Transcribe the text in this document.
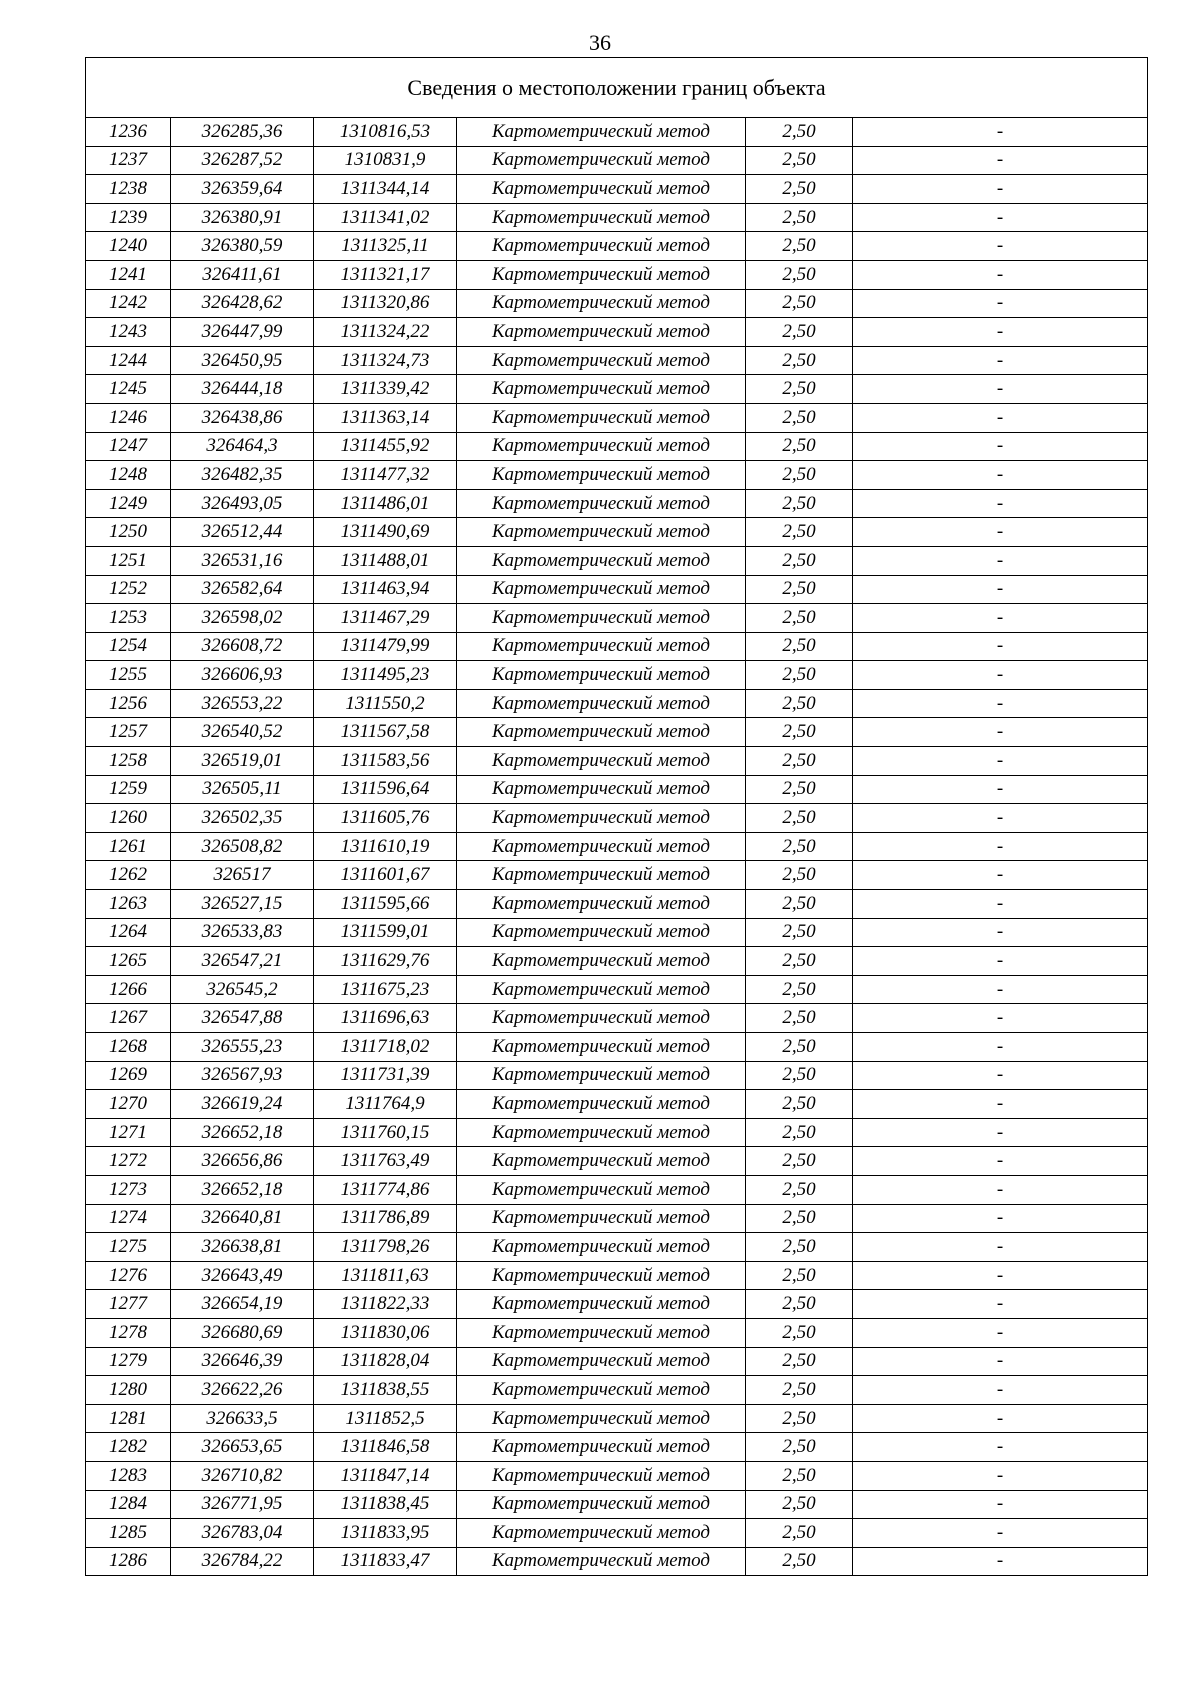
36
Сведения о местоположении границ объекта					
1236	326285,36	1310816,53	Картометрический метод	2,50	-
1237	326287,52	1310831,9	Картометрический метод	2,50	-
1238	326359,64	1311344,14	Картометрический метод	2,50	-
1239	326380,91	1311341,02	Картометрический метод	2,50	-
1240	326380,59	1311325,11	Картометрический метод	2,50	-
1241	326411,61	1311321,17	Картометрический метод	2,50	-
1242	326428,62	1311320,86	Картометрический метод	2,50	-
1243	326447,99	1311324,22	Картометрический метод	2,50	-
1244	326450,95	1311324,73	Картометрический метод	2,50	-
1245	326444,18	1311339,42	Картометрический метод	2,50	-
1246	326438,86	1311363,14	Картометрический метод	2,50	-
1247	326464,3	1311455,92	Картометрический метод	2,50	-
1248	326482,35	1311477,32	Картометрический метод	2,50	-
1249	326493,05	1311486,01	Картометрический метод	2,50	-
1250	326512,44	1311490,69	Картометрический метод	2,50	-
1251	326531,16	1311488,01	Картометрический метод	2,50	-
1252	326582,64	1311463,94	Картометрический метод	2,50	-
1253	326598,02	1311467,29	Картометрический метод	2,50	-
1254	326608,72	1311479,99	Картометрический метод	2,50	-
1255	326606,93	1311495,23	Картометрический метод	2,50	-
1256	326553,22	1311550,2	Картометрический метод	2,50	-
1257	326540,52	1311567,58	Картометрический метод	2,50	-
1258	326519,01	1311583,56	Картометрический метод	2,50	-
1259	326505,11	1311596,64	Картометрический метод	2,50	-
1260	326502,35	1311605,76	Картометрический метод	2,50	-
1261	326508,82	1311610,19	Картометрический метод	2,50	-
1262	326517	1311601,67	Картометрический метод	2,50	-
1263	326527,15	1311595,66	Картометрический метод	2,50	-
1264	326533,83	1311599,01	Картометрический метод	2,50	-
1265	326547,21	1311629,76	Картометрический метод	2,50	-
1266	326545,2	1311675,23	Картометрический метод	2,50	-
1267	326547,88	1311696,63	Картометрический метод	2,50	-
1268	326555,23	1311718,02	Картометрический метод	2,50	-
1269	326567,93	1311731,39	Картометрический метод	2,50	-
1270	326619,24	1311764,9	Картометрический метод	2,50	-
1271	326652,18	1311760,15	Картометрический метод	2,50	-
1272	326656,86	1311763,49	Картометрический метод	2,50	-
1273	326652,18	1311774,86	Картометрический метод	2,50	-
1274	326640,81	1311786,89	Картометрический метод	2,50	-
1275	326638,81	1311798,26	Картометрический метод	2,50	-
1276	326643,49	1311811,63	Картометрический метод	2,50	-
1277	326654,19	1311822,33	Картометрический метод	2,50	-
1278	326680,69	1311830,06	Картометрический метод	2,50	-
1279	326646,39	1311828,04	Картометрический метод	2,50	-
1280	326622,26	1311838,55	Картометрический метод	2,50	-
1281	326633,5	1311852,5	Картометрический метод	2,50	-
1282	326653,65	1311846,58	Картометрический метод	2,50	-
1283	326710,82	1311847,14	Картометрический метод	2,50	-
1284	326771,95	1311838,45	Картометрический метод	2,50	-
1285	326783,04	1311833,95	Картометрический метод	2,50	-
1286	326784,22	1311833,47	Картометрический метод	2,50	-
